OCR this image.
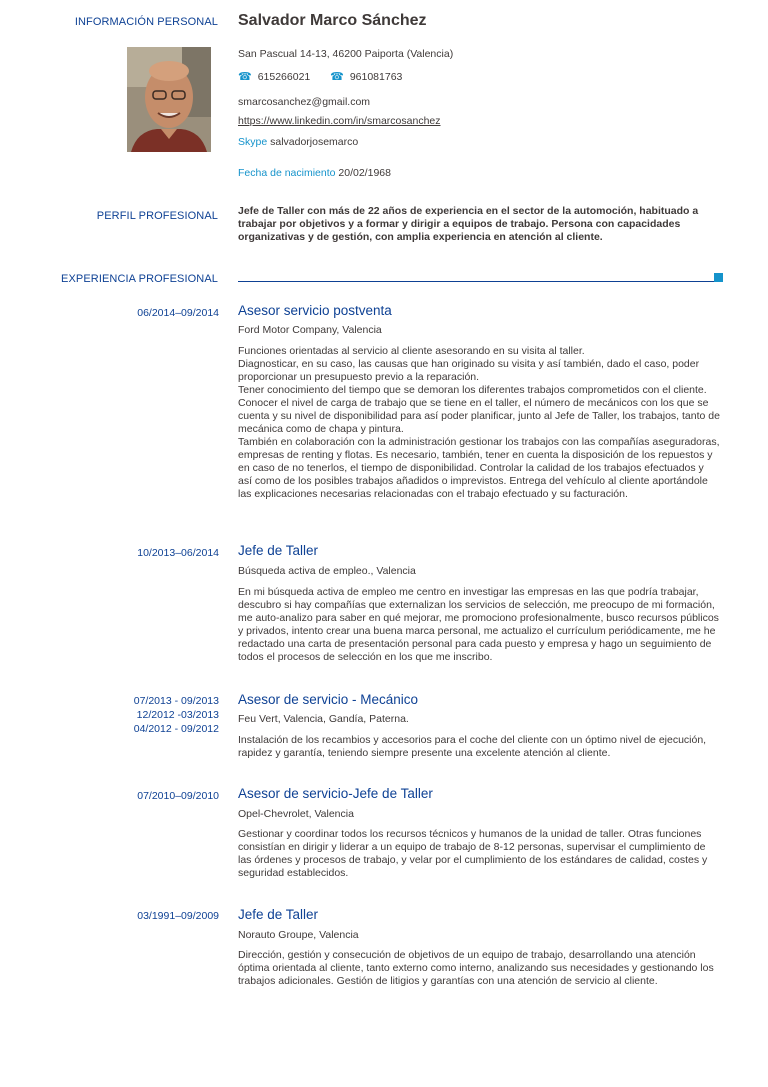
INFORMACIÓN PERSONAL Salvador Marco Sánchez
San Pascual 14-13, 46200 Paiporta (Valencia)
☎ 615266021 ☎ 961081763
smarcosanchez@gmail.com
https://www.linkedin.com/in/smarcosanchez
Skype salvadorjosemarco
Fecha de nacimiento 20/02/1968
PERFIL PROFESIONAL Jefe de Taller con más de 22 años de experiencia en el sector de la automoción, habituado a trabajar por objetivos y a formar y dirigir a equipos de trabajo. Persona con capacidades organizativas y de gestión, con amplia experiencia en atención al cliente.
EXPERIENCIA PROFESIONAL
06/2014–09/2014 Asesor servicio postventa
Ford Motor Company, Valencia
Funciones orientadas al servicio al cliente asesorando en su visita al taller.
Diagnosticar, en su caso, las causas que han originado su visita y así también, dado el caso, poder proporcionar un presupuesto previo a la reparación.
Tener conocimiento del tiempo que se demoran los diferentes trabajos comprometidos con el cliente. Conocer el nivel de carga de trabajo que se tiene en el taller, el número de mecánicos con los que se cuenta y su nivel de disponibilidad para así poder planificar, junto al Jefe de Taller, los trabajos, tanto de mecánica como de chapa y pintura.
También en colaboración con la administración gestionar los trabajos con las compañías aseguradoras, empresas de renting y flotas. Es necesario, también, tener en cuenta la disposición de los repuestos y en caso de no tenerlos, el tiempo de disponibilidad. Controlar la calidad de los trabajos efectuados y así como de los posibles trabajos añadidos o imprevistos. Entrega del vehículo al cliente aportándole las explicaciones necesarias relacionadas con el trabajo efectuado y su facturación.
10/2013–06/2014 Jefe de Taller
Búsqueda activa de empleo., Valencia
En mi búsqueda activa de empleo me centro en investigar las empresas en las que podría trabajar, descubro si hay compañías que externalizan los servicios de selección, me preocupo de mi formación, me auto-analizo para saber en qué mejorar, me promociono profesionalmente, busco recursos públicos y privados, intento crear una buena marca personal, me actualizo el currículum periódicamente, me he redactado una carta de presentación personal para cada puesto y empresa y hago un seguimiento de todos el procesos de selección en los que me inscribo.
07/2013 - 09/2013
12/2012 -03/2013
04/2012 - 09/2012
Asesor de servicio - Mecánico
Feu Vert, Valencia, Gandía, Paterna.
Instalación de los recambios y accesorios para el coche del cliente con un óptimo nivel de ejecución, rapidez y garantía, teniendo siempre presente una excelente atención al cliente.
07/2010–09/2010 Asesor de servicio-Jefe de Taller
Opel-Chevrolet, Valencia
Gestionar y coordinar todos los recursos técnicos y humanos de la unidad de taller. Otras funciones consistían en dirigir y liderar a un equipo de trabajo de 8-12 personas, supervisar el cumplimiento de las órdenes y procesos de trabajo, y velar por el cumplimiento de los estándares de calidad, costes y seguridad establecidos.
03/1991–09/2009 Jefe de Taller
Norauto Groupe, Valencia
Dirección, gestión y consecución de objetivos de un equipo de trabajo, desarrollando una atención óptima orientada al cliente, tanto externo como interno, analizando sus necesidades y gestionando los trabajos adicionales. Gestión de litigios y garantías con una atención de servicio al cliente.
